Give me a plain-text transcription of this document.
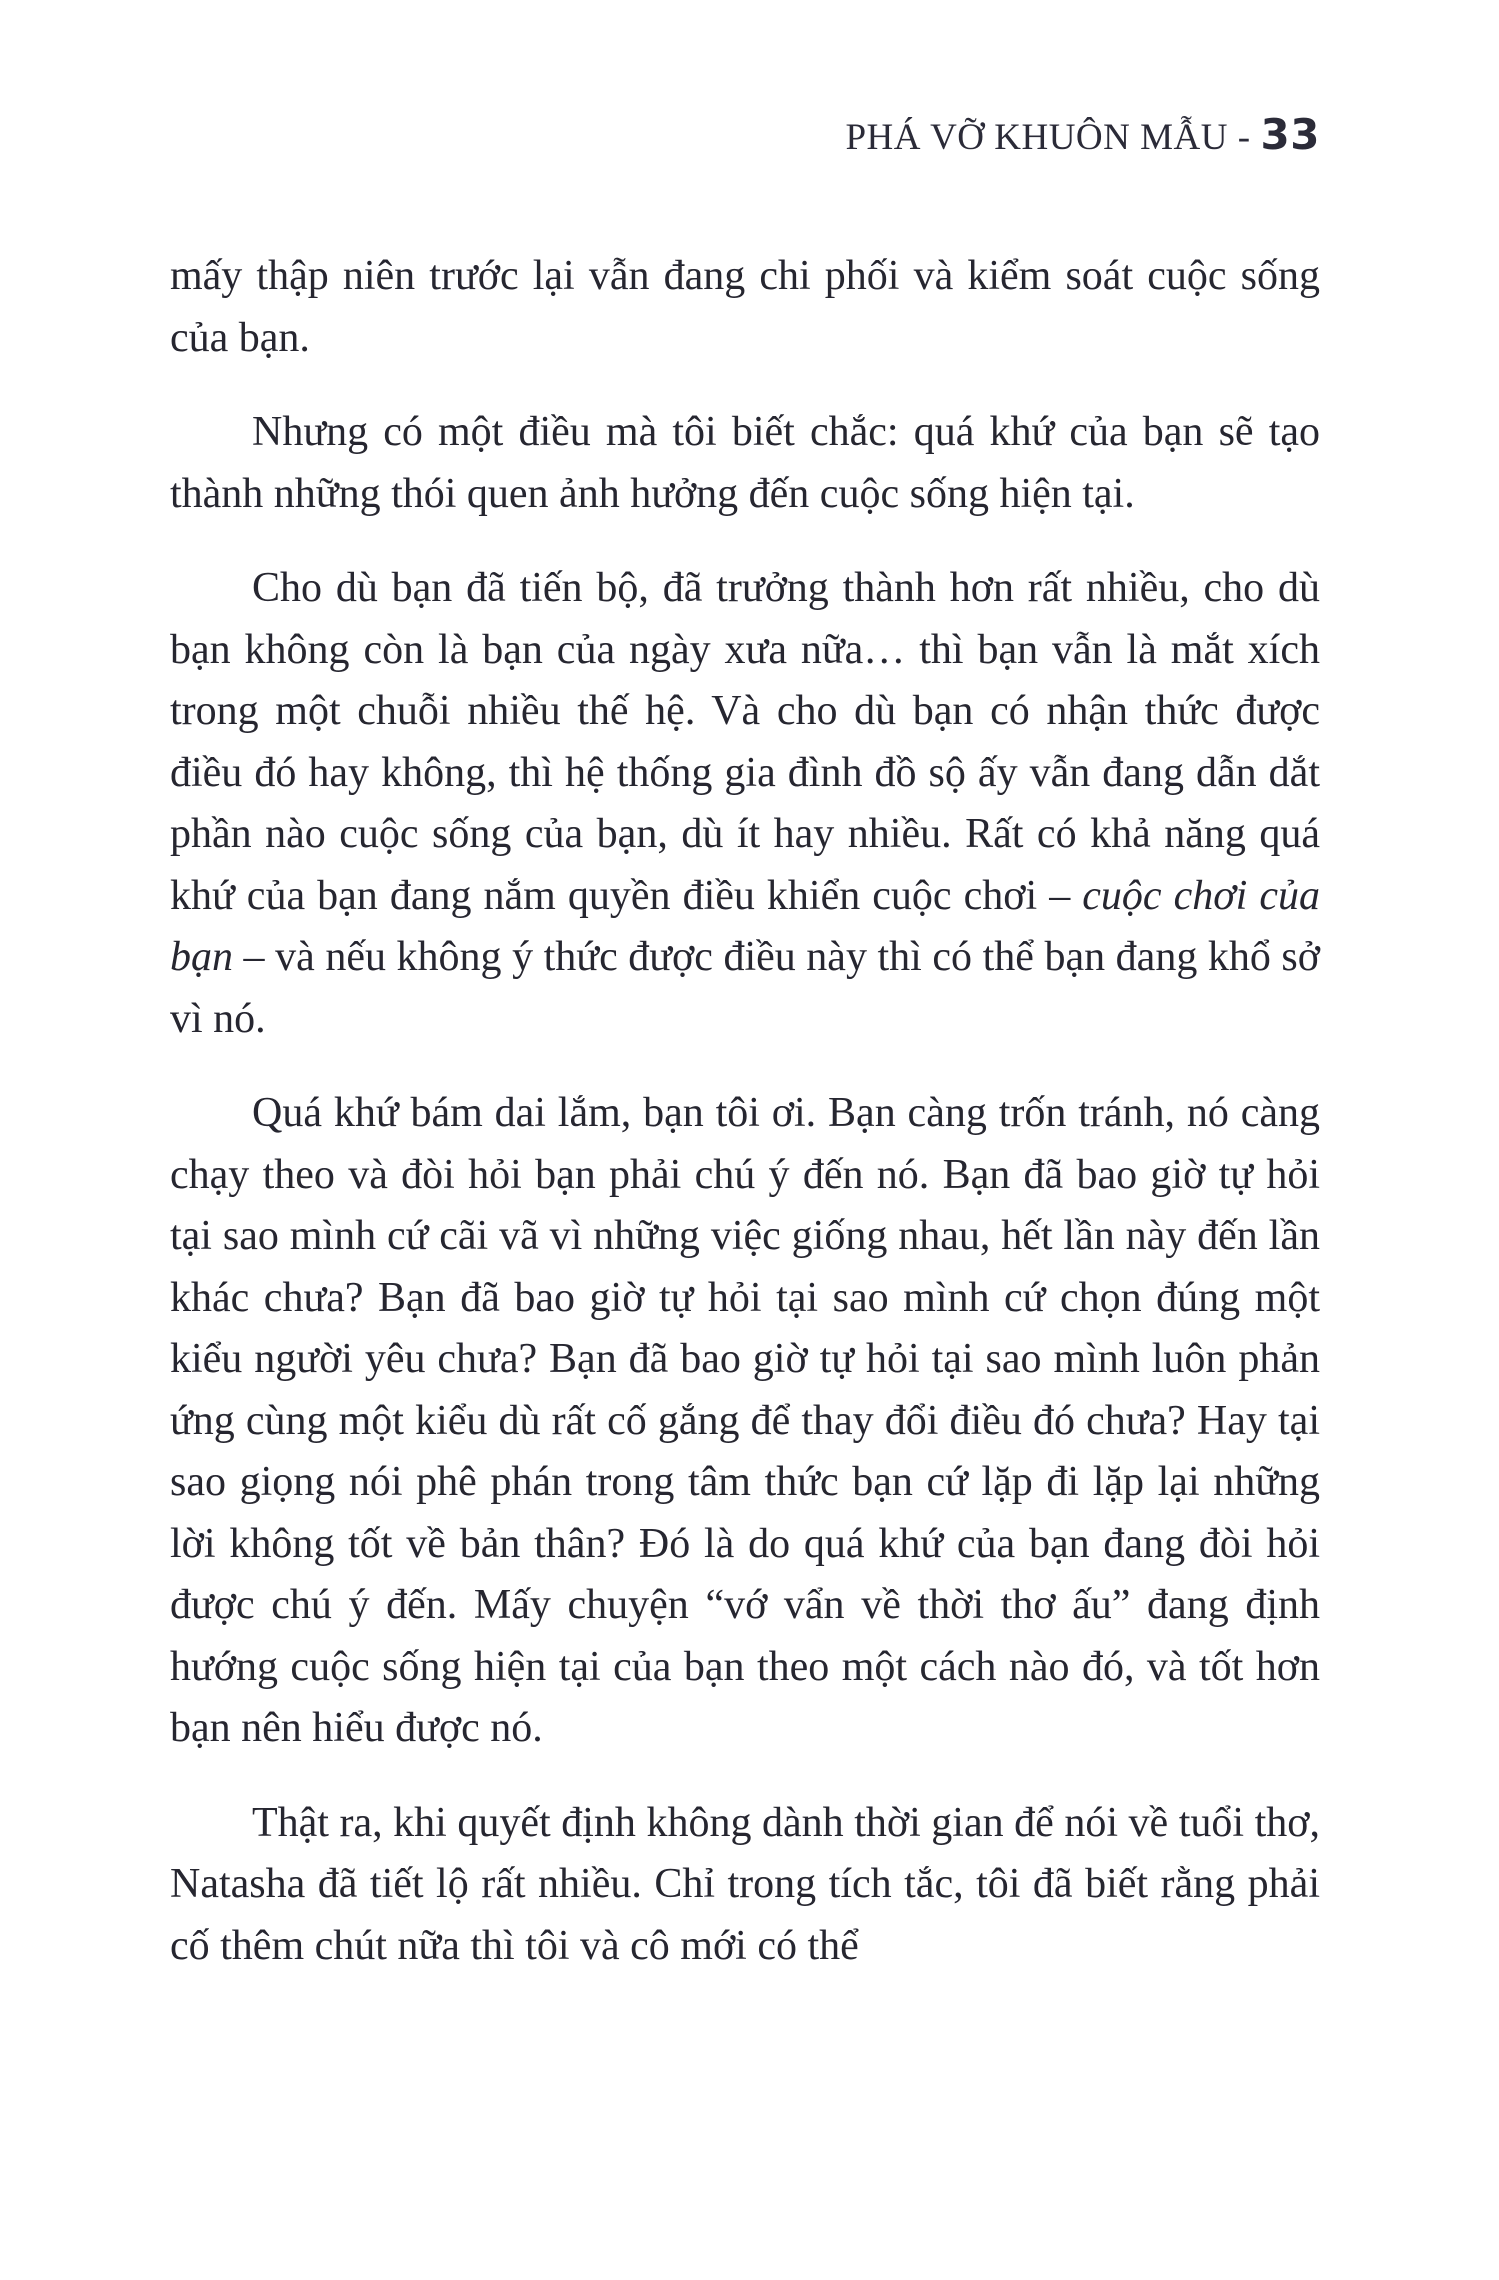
PHÁ VỠ KHUÔN MẪU - 33

mấy thập niên trước lại vẫn đang chi phối và kiểm soát cuộc sống của bạn.

Nhưng có một điều mà tôi biết chắc: quá khứ của bạn sẽ tạo thành những thói quen ảnh hưởng đến cuộc sống hiện tại.

Cho dù bạn đã tiến bộ, đã trưởng thành hơn rất nhiều, cho dù bạn không còn là bạn của ngày xưa nữa… thì bạn vẫn là mắt xích trong một chuỗi nhiều thế hệ. Và cho dù bạn có nhận thức được điều đó hay không, thì hệ thống gia đình đồ sộ ấy vẫn đang dẫn dắt phần nào cuộc sống của bạn, dù ít hay nhiều. Rất có khả năng quá khứ của bạn đang nắm quyền điều khiển cuộc chơi – cuộc chơi của bạn – và nếu không ý thức được điều này thì có thể bạn đang khổ sở vì nó.

Quá khứ bám dai lắm, bạn tôi ơi. Bạn càng trốn tránh, nó càng chạy theo và đòi hỏi bạn phải chú ý đến nó. Bạn đã bao giờ tự hỏi tại sao mình cứ cãi vã vì những việc giống nhau, hết lần này đến lần khác chưa? Bạn đã bao giờ tự hỏi tại sao mình cứ chọn đúng một kiểu người yêu chưa? Bạn đã bao giờ tự hỏi tại sao mình luôn phản ứng cùng một kiểu dù rất cố gắng để thay đổi điều đó chưa? Hay tại sao giọng nói phê phán trong tâm thức bạn cứ lặp đi lặp lại những lời không tốt về bản thân? Đó là do quá khứ của bạn đang đòi hỏi được chú ý đến. Mấy chuyện “vớ vẩn về thời thơ ấu” đang định hướng cuộc sống hiện tại của bạn theo một cách nào đó, và tốt hơn bạn nên hiểu được nó.

Thật ra, khi quyết định không dành thời gian để nói về tuổi thơ, Natasha đã tiết lộ rất nhiều. Chỉ trong tích tắc, tôi đã biết rằng phải cố thêm chút nữa thì tôi và cô mới có thể
